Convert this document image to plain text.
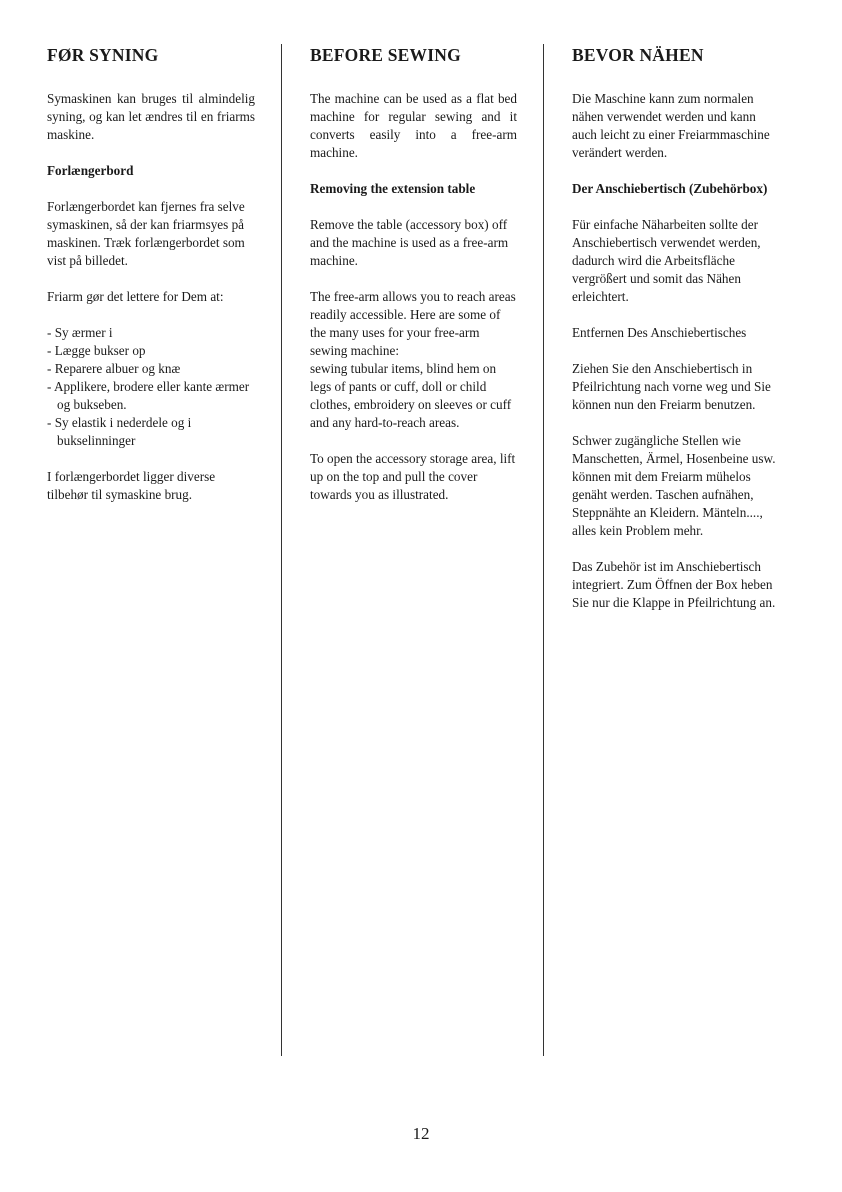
FØR SYNING

Symaskinen kan bruges til almindelig syning, og kan let ændres til en friarms maskine.

Forlængerbord

Forlængerbordet kan fjernes fra selve symaskinen, så der kan friarmsyes på maskinen. Træk forlængerbordet som vist på billedet.

Friarm gør det lettere for Dem at:

- Sy ærmer i
- Lægge bukser op
- Reparere albuer og knæ
- Applikere, brodere eller kante ærmer og bukseben.
- Sy elastik i nederdele og i bukselinninger

I forlængerbordet ligger diverse tilbehør til symaskine brug.

BEFORE SEWING

The machine can be used as a flat bed machine for regular sewing and it converts easily into a free-arm machine.

Removing the extension table

Remove the table (accessory box) off and the machine is used as a free-arm machine.

The free-arm allows you to reach areas readily accessible. Here are some of the many uses for your free-arm sewing machine:

sewing tubular items, blind hem on legs of pants or cuff, doll or child clothes, embroidery on sleeves or cuff and any hard-to-reach areas.

To open the accessory storage area, lift up on the top and pull the cover towards you as illustrated.

BEVOR NÄHEN

Die Maschine kann zum normalen nähen verwendet werden und kann auch leicht zu einer Freiarmmaschine verändert werden.

Der Anschiebertisch (Zubehörbox)

Für einfache Näharbeiten sollte der Anschiebertisch verwendet werden, dadurch wird die Arbeitsfläche vergrößert und somit das Nähen erleichtert.

Entfernen Des Anschiebertisches

Ziehen Sie den Anschiebertisch in Pfeilrichtung nach vorne weg und Sie können nun den Freiarm benutzen.

Schwer zugängliche Stellen wie Manschetten, Ärmel, Hosenbeine usw. können mit dem Freiarm mühelos genäht werden. Taschen aufnähen, Steppnähte an Kleidern. Mänteln...., alles kein Problem mehr.

Das Zubehör ist im Anschiebertisch integriert. Zum Öffnen der Box heben Sie nur die Klappe in Pfeilrichtung an.

12
